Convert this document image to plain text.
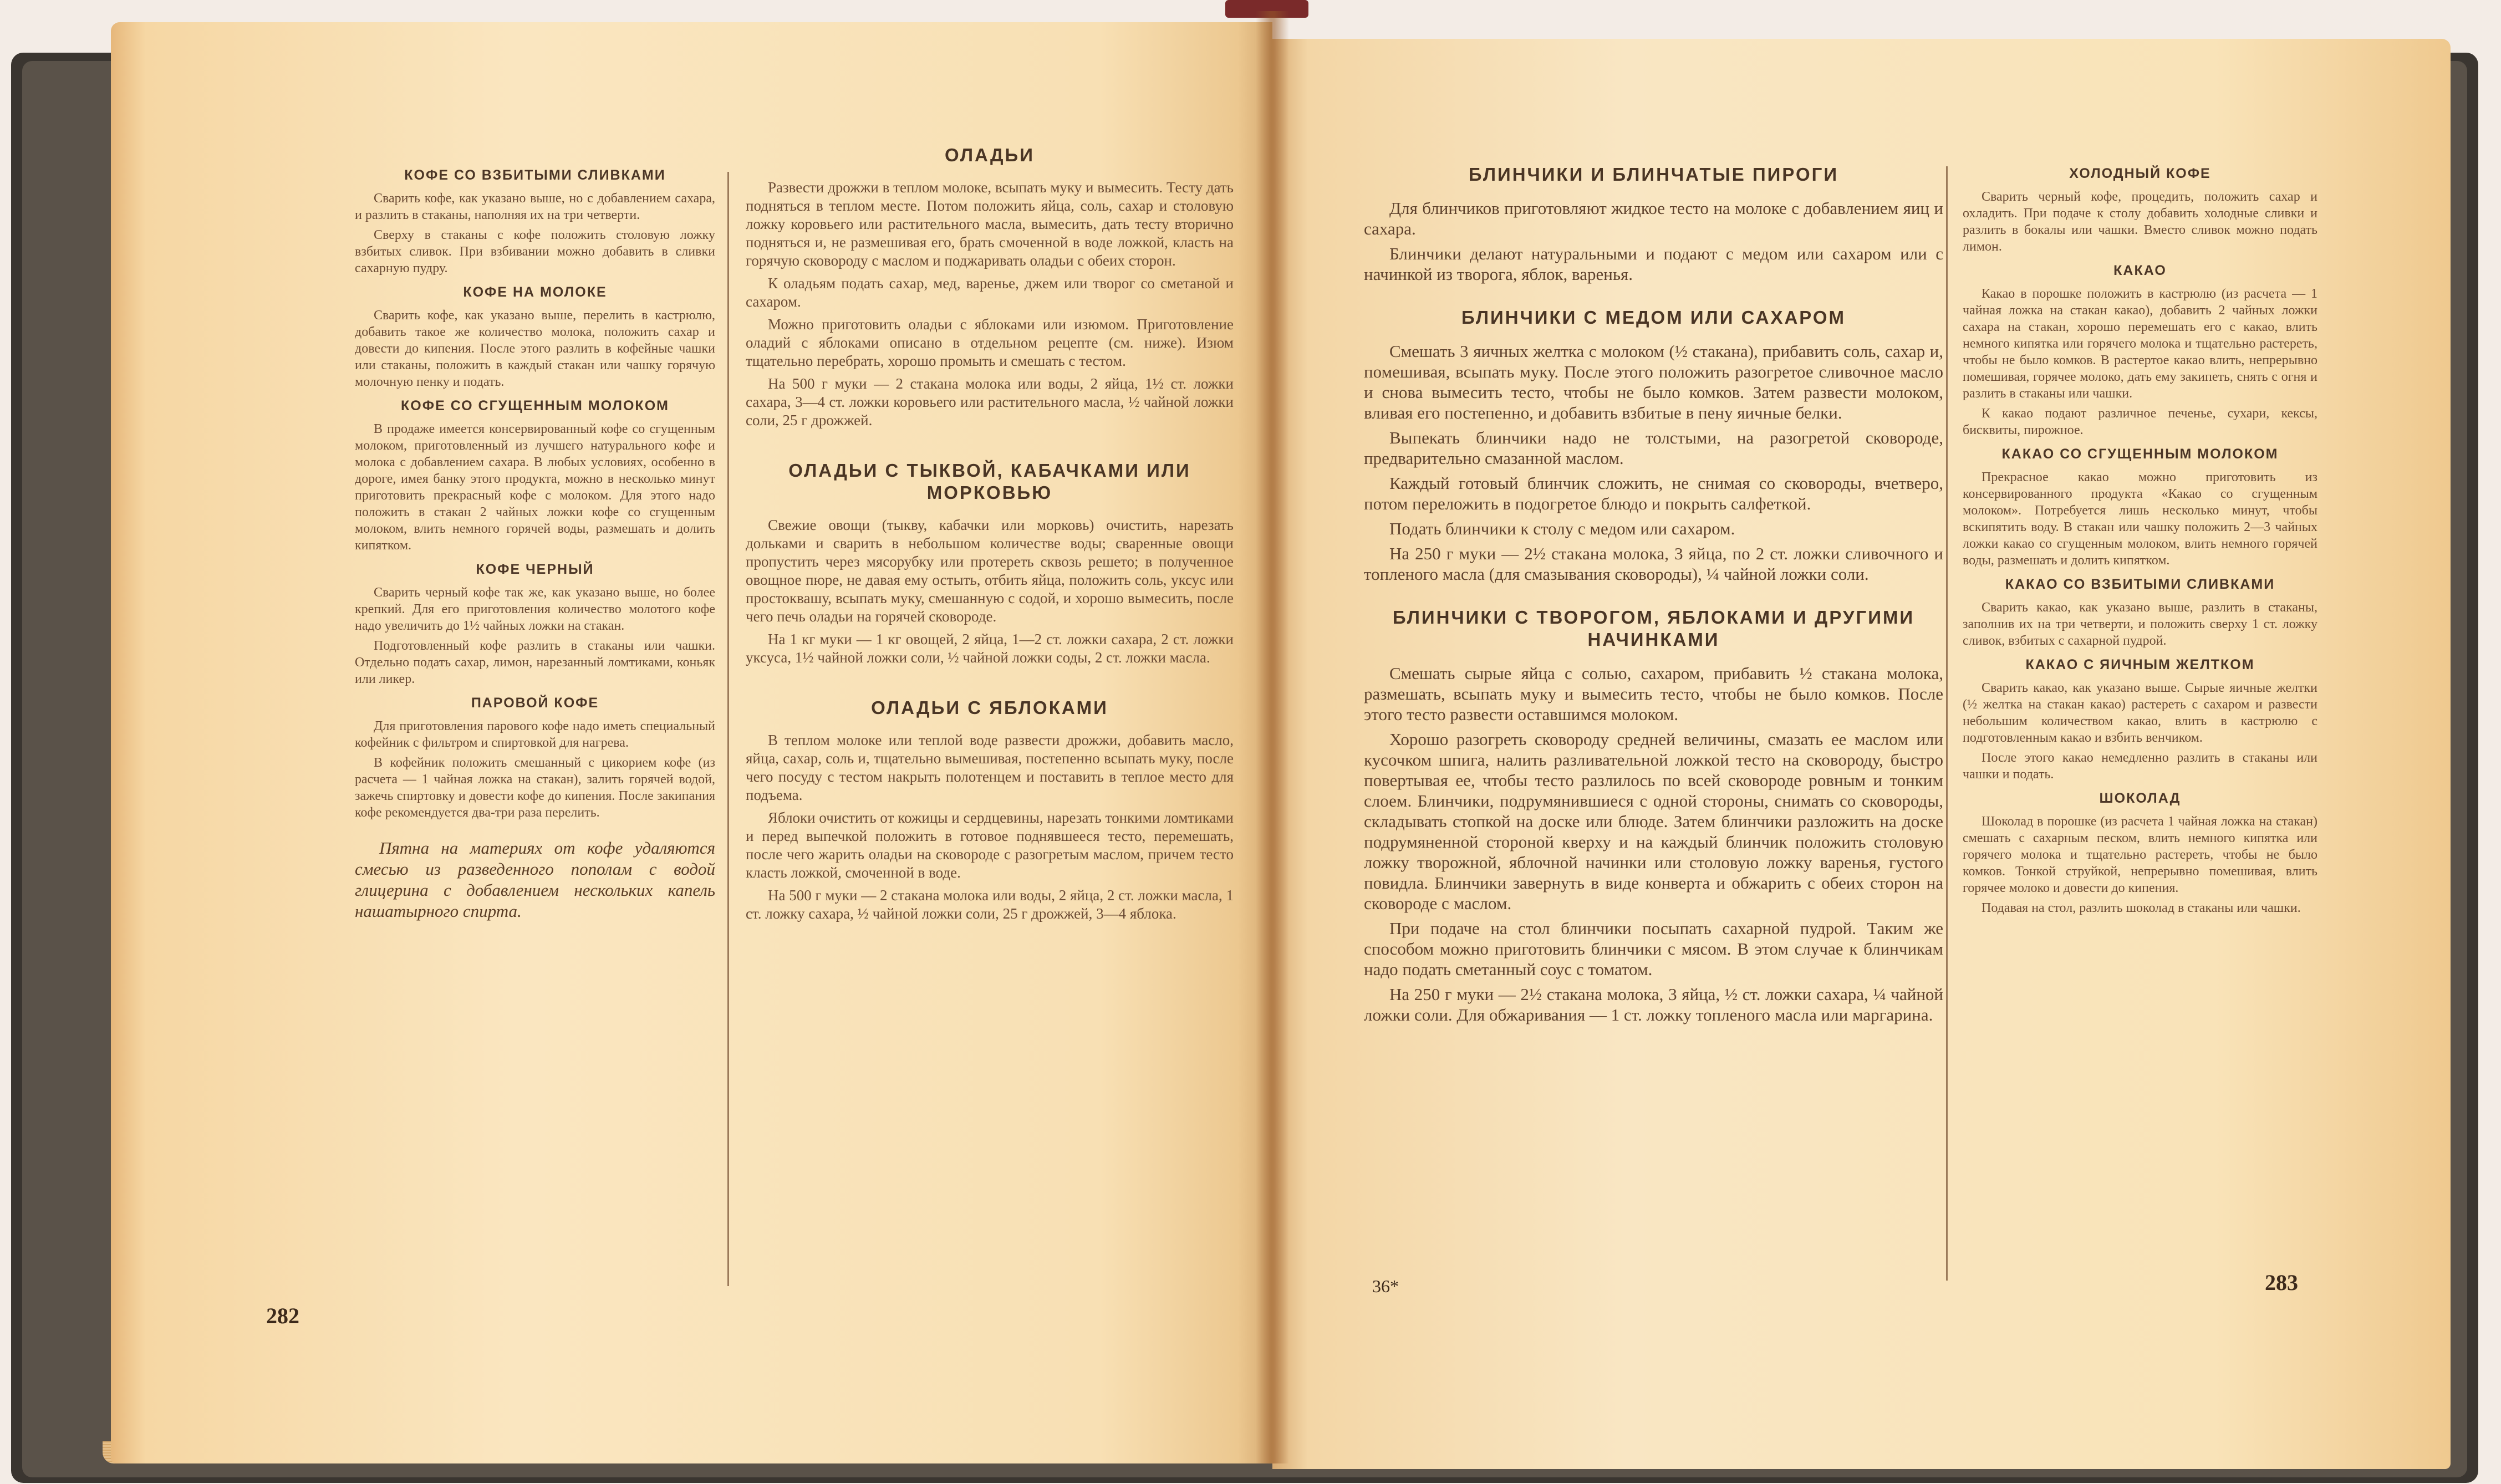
КОФЕ СО ВЗБИТЫМИ СЛИВКАМИ

Сварить кофе, как указано выше, но с добавлением сахара, и разлить в стаканы, наполняя их на три четверти.

Сверху в стаканы с кофе положить столовую ложку взбитых сливок. При взбивании можно добавить в сливки сахарную пудру.

КОФЕ НА МОЛОКЕ

Сварить кофе, как указано выше, перелить в кастрюлю, добавить такое же количество молока, положить сахар и довести до кипения. После этого разлить в кофейные чашки или стаканы, положить в каждый стакан или чашку горячую молочную пенку и подать.

КОФЕ СО СГУЩЕННЫМ МОЛОКОМ

В продаже имеется консервированный кофе со сгущенным молоком, приготовленный из лучшего натурального кофе и молока с добавлением сахара. В любых условиях, особенно в дороге, имея банку этого продукта, можно в несколько минут приготовить прекрасный кофе с молоком. Для этого надо положить в стакан 2 чайных ложки кофе со сгущенным молоком, влить немного горячей воды, размешать и долить кипятком.

КОФЕ ЧЕРНЫЙ

Сварить черный кофе так же, как указано выше, но более крепкий. Для его приготовления количество молотого кофе надо увеличить до 1½ чайных ложки на стакан.

Подготовленный кофе разлить в стаканы или чашки. Отдельно подать сахар, лимон, нарезанный ломтиками, коньяк или ликер.

ПАРОВОЙ КОФЕ

Для приготовления парового кофе надо иметь специальный кофейник с фильтром и спиртовкой для нагрева.

В кофейник положить смешанный с цикорием кофе (из расчета — 1 чайная ложка на стакан), залить горячей водой, зажечь спиртовку и довести кофе до кипения. После закипания кофе рекомендуется два-три раза перелить.

Пятна на материях от кофе удаляются смесью из разведенного пополам с водой глицерина с добавлением нескольких капель нашатырного спирта.

ОЛАДЬИ

Развести дрожжи в теплом молоке, всыпать муку и вымесить. Тесту дать подняться в теплом месте. Потом положить яйца, соль, сахар и столовую ложку коровьего или растительного масла, вымесить, дать тесту вторично подняться и, не размешивая его, брать смоченной в воде ложкой, класть на горячую сковороду с маслом и поджаривать оладьи с обеих сторон.

К оладьям подать сахар, мед, варенье, джем или творог со сметаной и сахаром.

Можно приготовить оладьи с яблоками или изюмом. Приготовление оладий с яблоками описано в отдельном рецепте (см. ниже). Изюм тщательно перебрать, хорошо промыть и смешать с тестом.

На 500 г муки — 2 стакана молока или воды, 2 яйца, 1½ ст. ложки сахара, 3—4 ст. ложки коровьего или растительного масла, ½ чайной ложки соли, 25 г дрожжей.

ОЛАДЬИ С ТЫКВОЙ, КАБАЧКАМИ ИЛИ МОРКОВЬЮ

Свежие овощи (тыкву, кабачки или морковь) очистить, нарезать дольками и сварить в небольшом количестве воды; сваренные овощи пропустить через мясорубку или протереть сквозь решето; в полученное овощное пюре, не давая ему остыть, отбить яйца, положить соль, уксус или простоквашу, всыпать муку, смешанную с содой, и хорошо вымесить, после чего печь оладьи на горячей сковороде.

На 1 кг муки — 1 кг овощей, 2 яйца, 1—2 ст. ложки сахара, 2 ст. ложки уксуса, 1½ чайной ложки соли, ½ чайной ложки соды, 2 ст. ложки масла.

ОЛАДЬИ С ЯБЛОКАМИ

В теплом молоке или теплой воде развести дрожжи, добавить масло, яйца, сахар, соль и, тщательно вымешивая, постепенно всыпать муку, после чего посуду с тестом накрыть полотенцем и поставить в теплое место для подъема.

Яблоки очистить от кожицы и сердцевины, нарезать тонкими ломтиками и перед выпечкой положить в готовое поднявшееся тесто, перемешать, после чего жарить оладьи на сковороде с разогретым маслом, причем тесто класть ложкой, смоченной в воде.

На 500 г муки — 2 стакана молока или воды, 2 яйца, 2 ст. ложки масла, 1 ст. ложку сахара, ½ чайной ложки соли, 25 г дрожжей, 3—4 яблока.

282
БЛИНЧИКИ И БЛИНЧАТЫЕ ПИРОГИ

Для блинчиков приготовляют жидкое тесто на молоке с добавлением яиц и сахара.

Блинчики делают натуральными и подают с медом или сахаром или с начинкой из творога, яблок, варенья.

БЛИНЧИКИ С МЕДОМ ИЛИ САХАРОМ

Смешать 3 яичных желтка с молоком (½ стакана), прибавить соль, сахар и, помешивая, всыпать муку. После этого положить разогретое сливочное масло и снова вымесить тесто, чтобы не было комков. Затем развести молоком, вливая его постепенно, и добавить взбитые в пену яичные белки.

Выпекать блинчики надо не толстыми, на разогретой сковороде, предварительно смазанной маслом.

Каждый готовый блинчик сложить, не снимая со сковороды, вчетверо, потом переложить в подогретое блюдо и покрыть салфеткой.

Подать блинчики к столу с медом или сахаром.

На 250 г муки — 2½ стакана молока, 3 яйца, по 2 ст. ложки сливочного и топленого масла (для смазывания сковороды), ¼ чайной ложки соли.

БЛИНЧИКИ С ТВОРОГОМ, ЯБЛОКАМИ И ДРУГИМИ НАЧИНКАМИ

Смешать сырые яйца с солью, сахаром, прибавить ½ стакана молока, размешать, всыпать муку и вымесить тесто, чтобы не было комков. После этого тесто развести оставшимся молоком.

Хорошо разогреть сковороду средней величины, смазать ее маслом или кусочком шпига, налить разливательной ложкой тесто на сковороду, быстро повертывая ее, чтобы тесто разлилось по всей сковороде ровным и тонким слоем. Блинчики, подрумянившиеся с одной стороны, снимать со сковороды, складывать стопкой на доске или блюде. Затем блинчики разложить на доске подрумяненной стороной кверху и на каждый блинчик положить столовую ложку творожной, яблочной начинки или столовую ложку варенья, густого повидла. Блинчики завернуть в виде конверта и обжарить с обеих сторон на сковороде с маслом.

При подаче на стол блинчики посыпать сахарной пудрой. Таким же способом можно приготовить блинчики с мясом. В этом случае к блинчикам надо подать сметанный соус с томатом.

На 250 г муки — 2½ стакана молока, 3 яйца, ½ ст. ложки сахара, ¼ чайной ложки соли. Для обжаривания — 1 ст. ложку топленого масла или маргарина.

ХОЛОДНЫЙ КОФЕ

Сварить черный кофе, процедить, положить сахар и охладить. При подаче к столу добавить холодные сливки и разлить в бокалы или чашки. Вместо сливок можно подать лимон.

КАКАО

Какао в порошке положить в кастрюлю (из расчета — 1 чайная ложка на стакан какао), добавить 2 чайных ложки сахара на стакан, хорошо перемешать его с какао, влить немного кипятка или горячего молока и тщательно растереть, чтобы не было комков. В растертое какао влить, непрерывно помешивая, горячее молоко, дать ему закипеть, снять с огня и разлить в стаканы или чашки.

К какао подают различное печенье, сухари, кексы, бисквиты, пирожное.

КАКАО СО СГУЩЕННЫМ МОЛОКОМ

Прекрасное какао можно приготовить из консервированного продукта «Какао со сгущенным молоком». Потребуется лишь несколько минут, чтобы вскипятить воду. В стакан или чашку положить 2—3 чайных ложки какао со сгущенным молоком, влить немного горячей воды, размешать и долить кипятком.

КАКАО СО ВЗБИТЫМИ СЛИВКАМИ

Сварить какао, как указано выше, разлить в стаканы, заполнив их на три четверти, и положить сверху 1 ст. ложку сливок, взбитых с сахарной пудрой.

КАКАО С ЯИЧНЫМ ЖЕЛТКОМ

Сварить какао, как указано выше. Сырые яичные желтки (½ желтка на стакан какао) растереть с сахаром и развести небольшим количеством какао, влить в кастрюлю с подготовленным какао и взбить венчиком.

После этого какао немедленно разлить в стаканы или чашки и подать.

ШОКОЛАД

Шоколад в порошке (из расчета 1 чайная ложка на стакан) смешать с сахарным песком, влить немного кипятка или горячего молока и тщательно растереть, чтобы не было комков. Тонкой струйкой, непрерывно помешивая, влить горячее молоко и довести до кипения.

Подавая на стол, разлить шоколад в стаканы или чашки.

36*	283
